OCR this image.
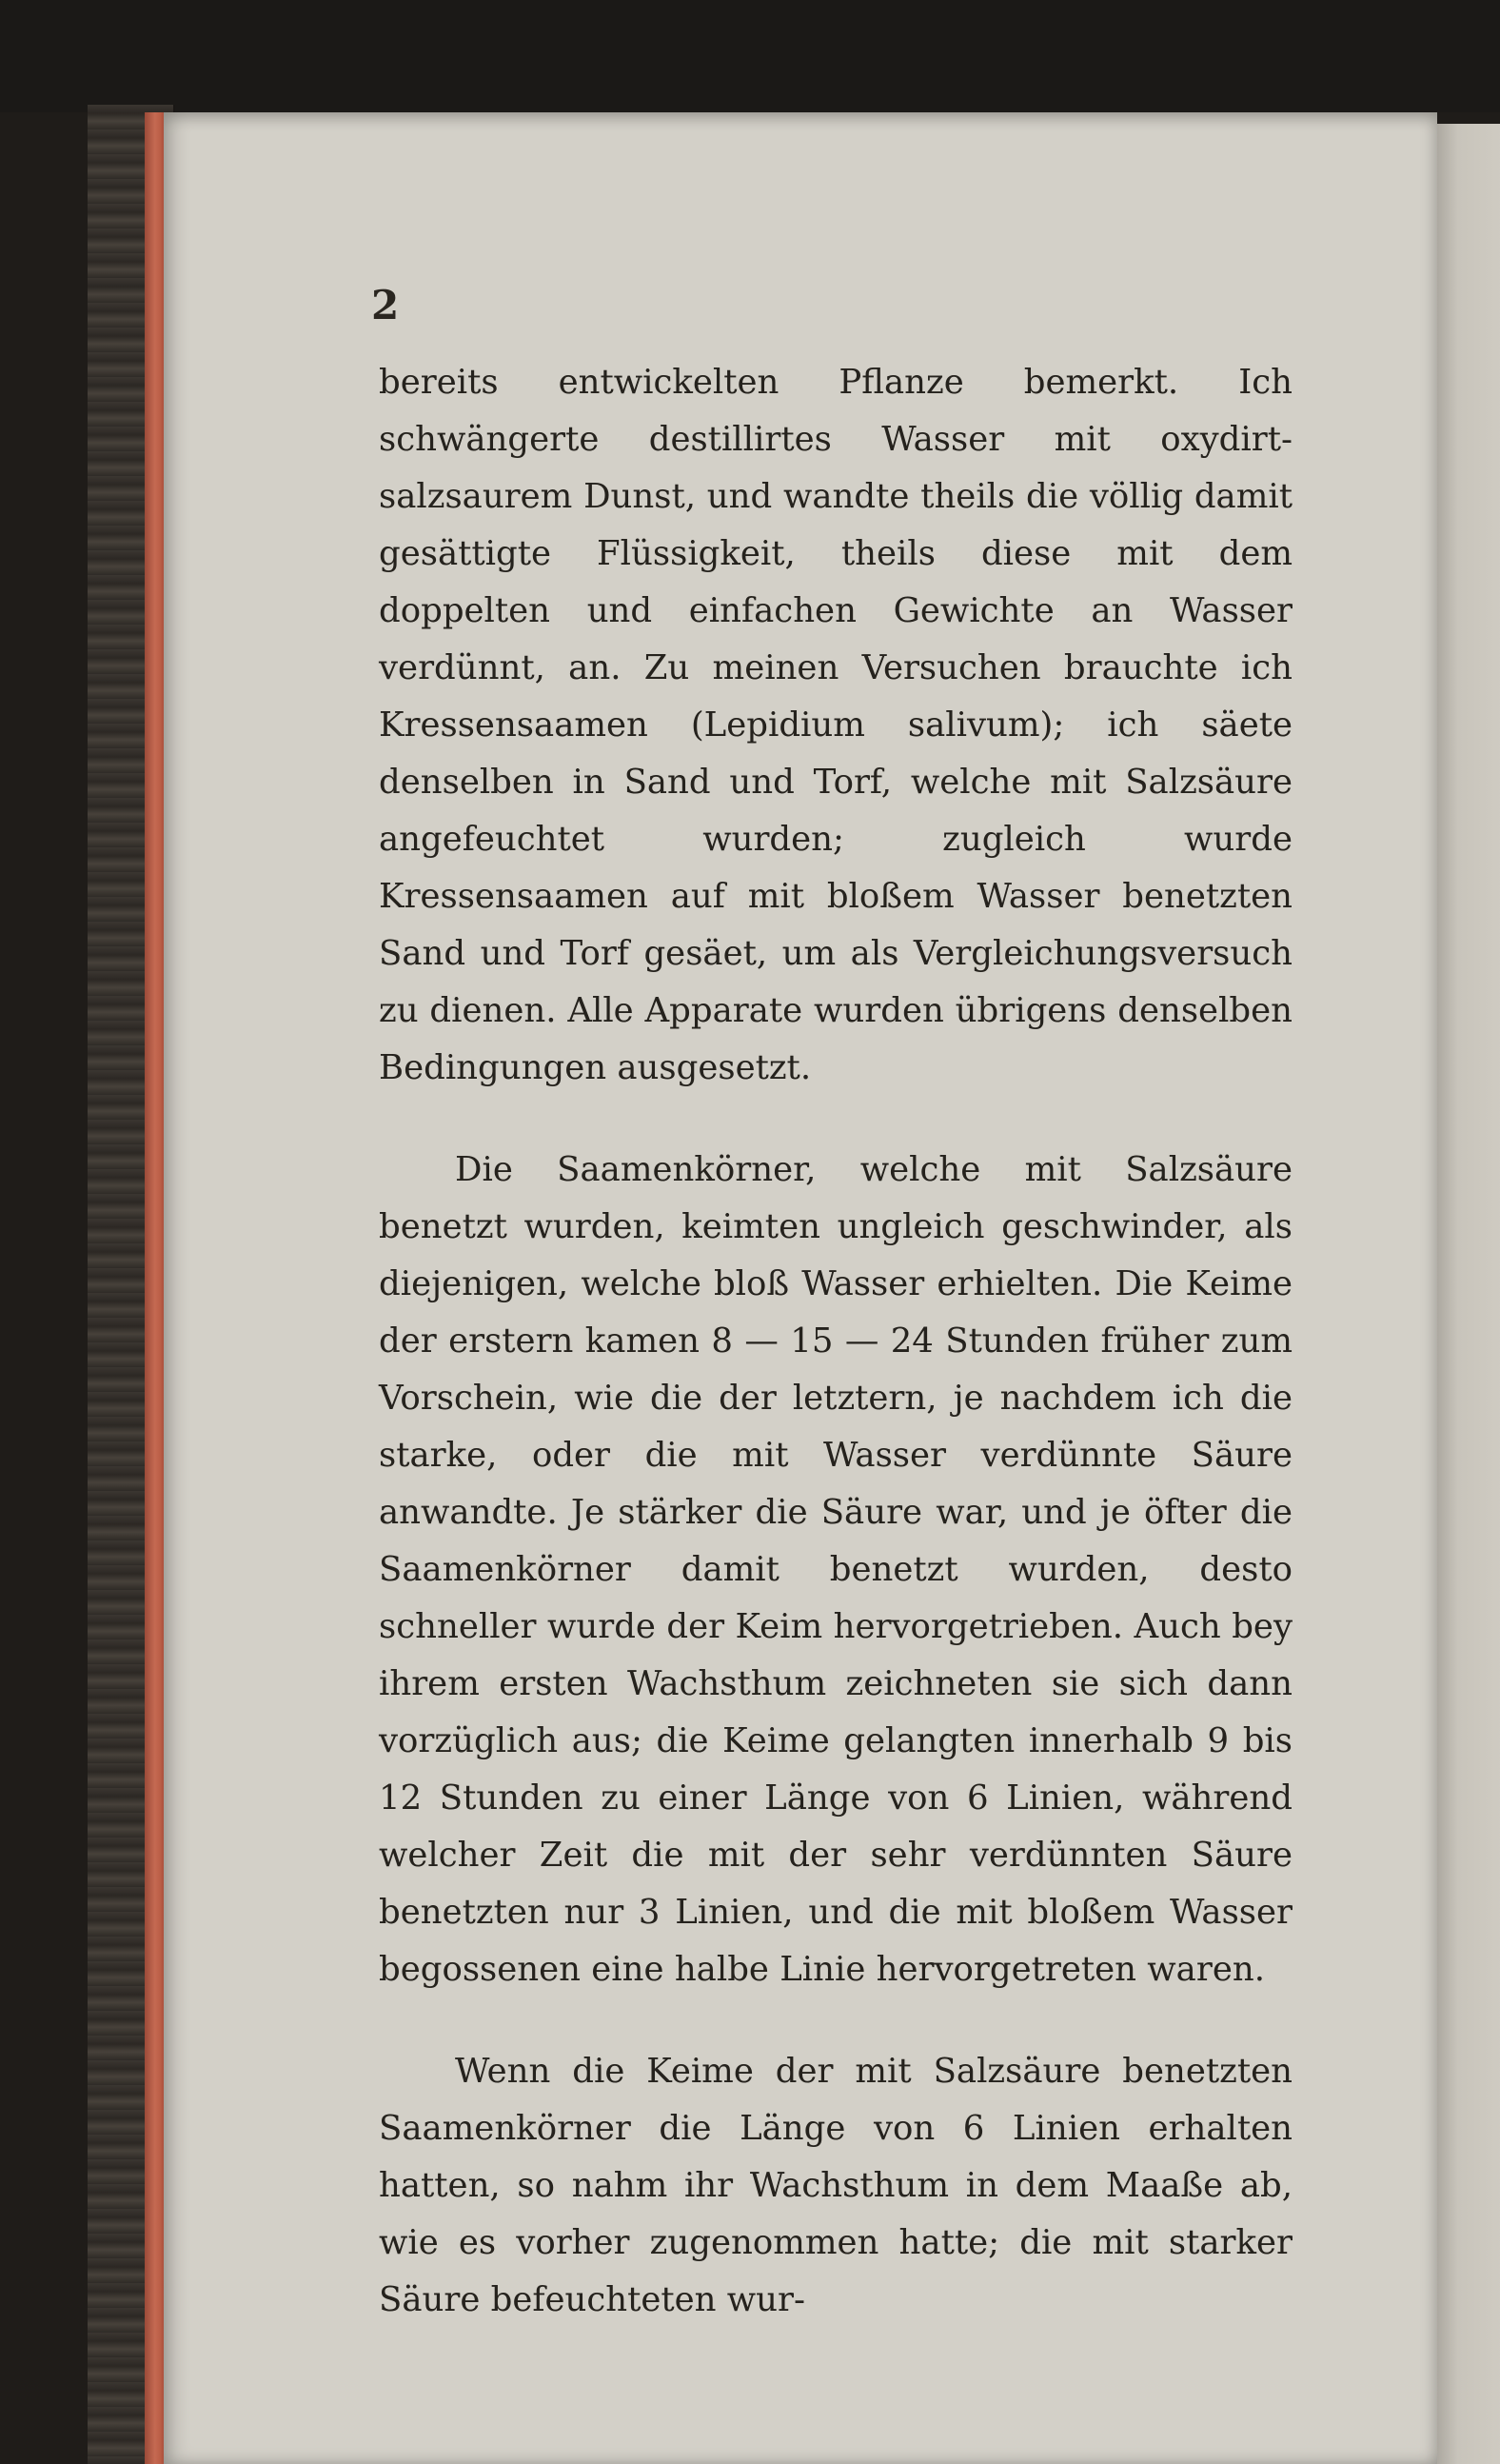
2

bereits entwickelten Pflanze bemerkt. Ich schwängerte destillirtes Wasser mit oxydirt-salzsaurem Dunst, und wandte theils die völlig damit gesättigte Flüssigkeit, theils diese mit dem doppelten und einfachen Gewichte an Wasser verdünnt, an. Zu meinen Versuchen brauchte ich Kressensaamen (Lepidium salivum); ich säete denselben in Sand und Torf, welche mit Salzsäure angefeuchtet wurden; zugleich wurde Kressensaamen auf mit bloßem Wasser benetzten Sand und Torf gesäet, um als Vergleichungsversuch zu dienen. Alle Apparate wurden übrigens denselben Bedingungen ausgesetzt.

Die Saamenkörner, welche mit Salzsäure benetzt wurden, keimten ungleich geschwinder, als diejenigen, welche bloß Wasser erhielten. Die Keime der erstern kamen 8 — 15 — 24 Stunden früher zum Vorschein, wie die der letztern, je nachdem ich die starke, oder die mit Wasser verdünnte Säure anwandte. Je stärker die Säure war, und je öfter die Saamenkörner damit benetzt wurden, desto schneller wurde der Keim hervorgetrieben. Auch bey ihrem ersten Wachsthum zeichneten sie sich dann vorzüglich aus; die Keime gelangten innerhalb 9 bis 12 Stunden zu einer Länge von 6 Linien, während welcher Zeit die mit der sehr verdünnten Säure benetzten nur 3 Linien, und die mit bloßem Wasser begossenen eine halbe Linie hervorgetreten waren.

Wenn die Keime der mit Salzsäure benetzten Saamenkörner die Länge von 6 Linien erhalten hatten, so nahm ihr Wachsthum in dem Maaße ab, wie es vorher zugenommen hatte; die mit starker Säure befeuchteten wur-
